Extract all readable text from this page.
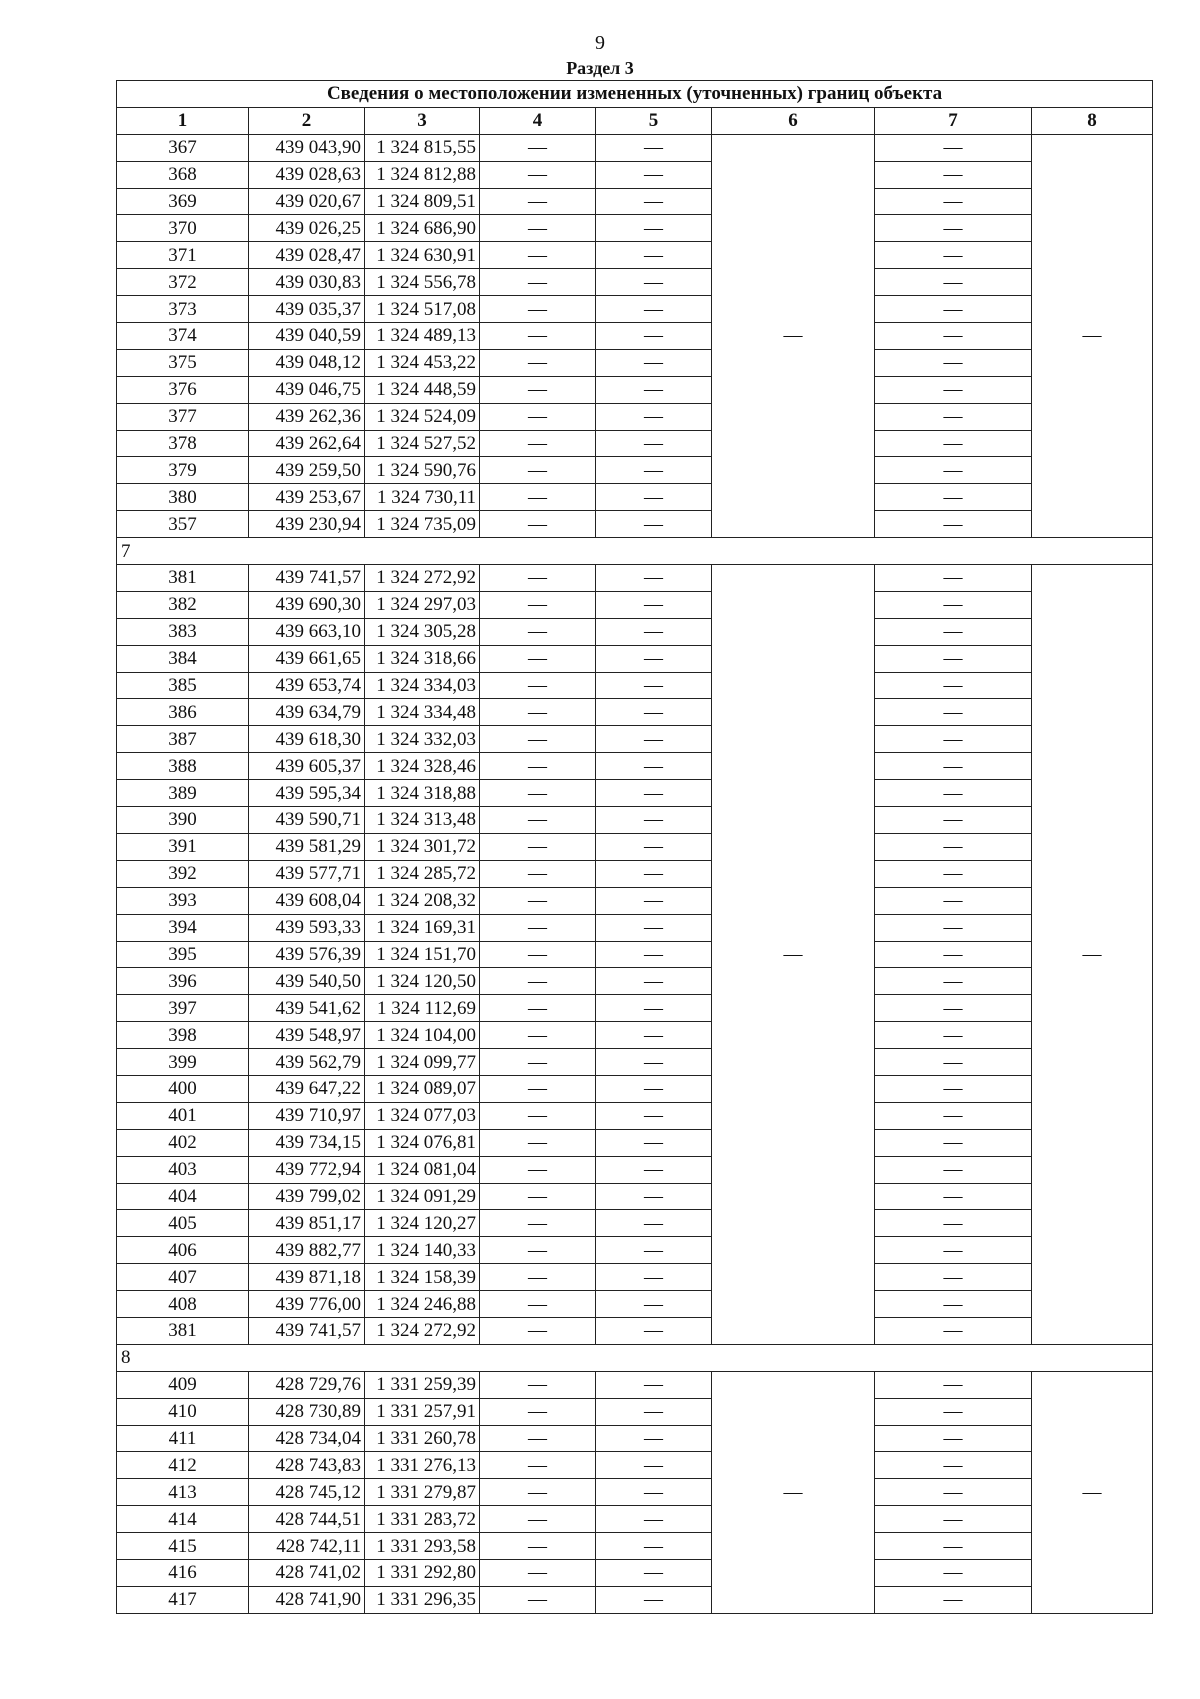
9
Раздел 3
Сведения о местоположении измененных (уточненных) границ объекта							
1	2	3	4	5	6	7	8
367	439 043,90	1 324 815,55	—	—	—	—	—
368	439 028,63	1 324 812,88	—	—		—	
369	439 020,67	1 324 809,51	—	—		—	
370	439 026,25	1 324 686,90	—	—		—	
371	439 028,47	1 324 630,91	—	—		—	
372	439 030,83	1 324 556,78	—	—		—	
373	439 035,37	1 324 517,08	—	—		—	
374	439 040,59	1 324 489,13	—	—		—	
375	439 048,12	1 324 453,22	—	—		—	
376	439 046,75	1 324 448,59	—	—		—	
377	439 262,36	1 324 524,09	—	—		—	
378	439 262,64	1 324 527,52	—	—		—	
379	439 259,50	1 324 590,76	—	—		—	
380	439 253,67	1 324 730,11	—	—		—	
357	439 230,94	1 324 735,09	—	—		—	
7							
381	439 741,57	1 324 272,92	—	—	—	—	—
382	439 690,30	1 324 297,03	—	—		—	
383	439 663,10	1 324 305,28	—	—		—	
384	439 661,65	1 324 318,66	—	—		—	
385	439 653,74	1 324 334,03	—	—		—	
386	439 634,79	1 324 334,48	—	—		—	
387	439 618,30	1 324 332,03	—	—		—	
388	439 605,37	1 324 328,46	—	—		—	
389	439 595,34	1 324 318,88	—	—		—	
390	439 590,71	1 324 313,48	—	—		—	
391	439 581,29	1 324 301,72	—	—		—	
392	439 577,71	1 324 285,72	—	—		—	
393	439 608,04	1 324 208,32	—	—		—	
394	439 593,33	1 324 169,31	—	—		—	
395	439 576,39	1 324 151,70	—	—		—	
396	439 540,50	1 324 120,50	—	—		—	
397	439 541,62	1 324 112,69	—	—		—	
398	439 548,97	1 324 104,00	—	—		—	
399	439 562,79	1 324 099,77	—	—		—	
400	439 647,22	1 324 089,07	—	—		—	
401	439 710,97	1 324 077,03	—	—		—	
402	439 734,15	1 324 076,81	—	—		—	
403	439 772,94	1 324 081,04	—	—		—	
404	439 799,02	1 324 091,29	—	—		—	
405	439 851,17	1 324 120,27	—	—		—	
406	439 882,77	1 324 140,33	—	—		—	
407	439 871,18	1 324 158,39	—	—		—	
408	439 776,00	1 324 246,88	—	—		—	
381	439 741,57	1 324 272,92	—	—		—	
8							
409	428 729,76	1 331 259,39	—	—	—	—	—
410	428 730,89	1 331 257,91	—	—		—	
411	428 734,04	1 331 260,78	—	—		—	
412	428 743,83	1 331 276,13	—	—		—	
413	428 745,12	1 331 279,87	—	—		—	
414	428 744,51	1 331 283,72	—	—		—	
415	428 742,11	1 331 293,58	—	—		—	
416	428 741,02	1 331 292,80	—	—		—	
417	428 741,90	1 331 296,35	—	—		—	
